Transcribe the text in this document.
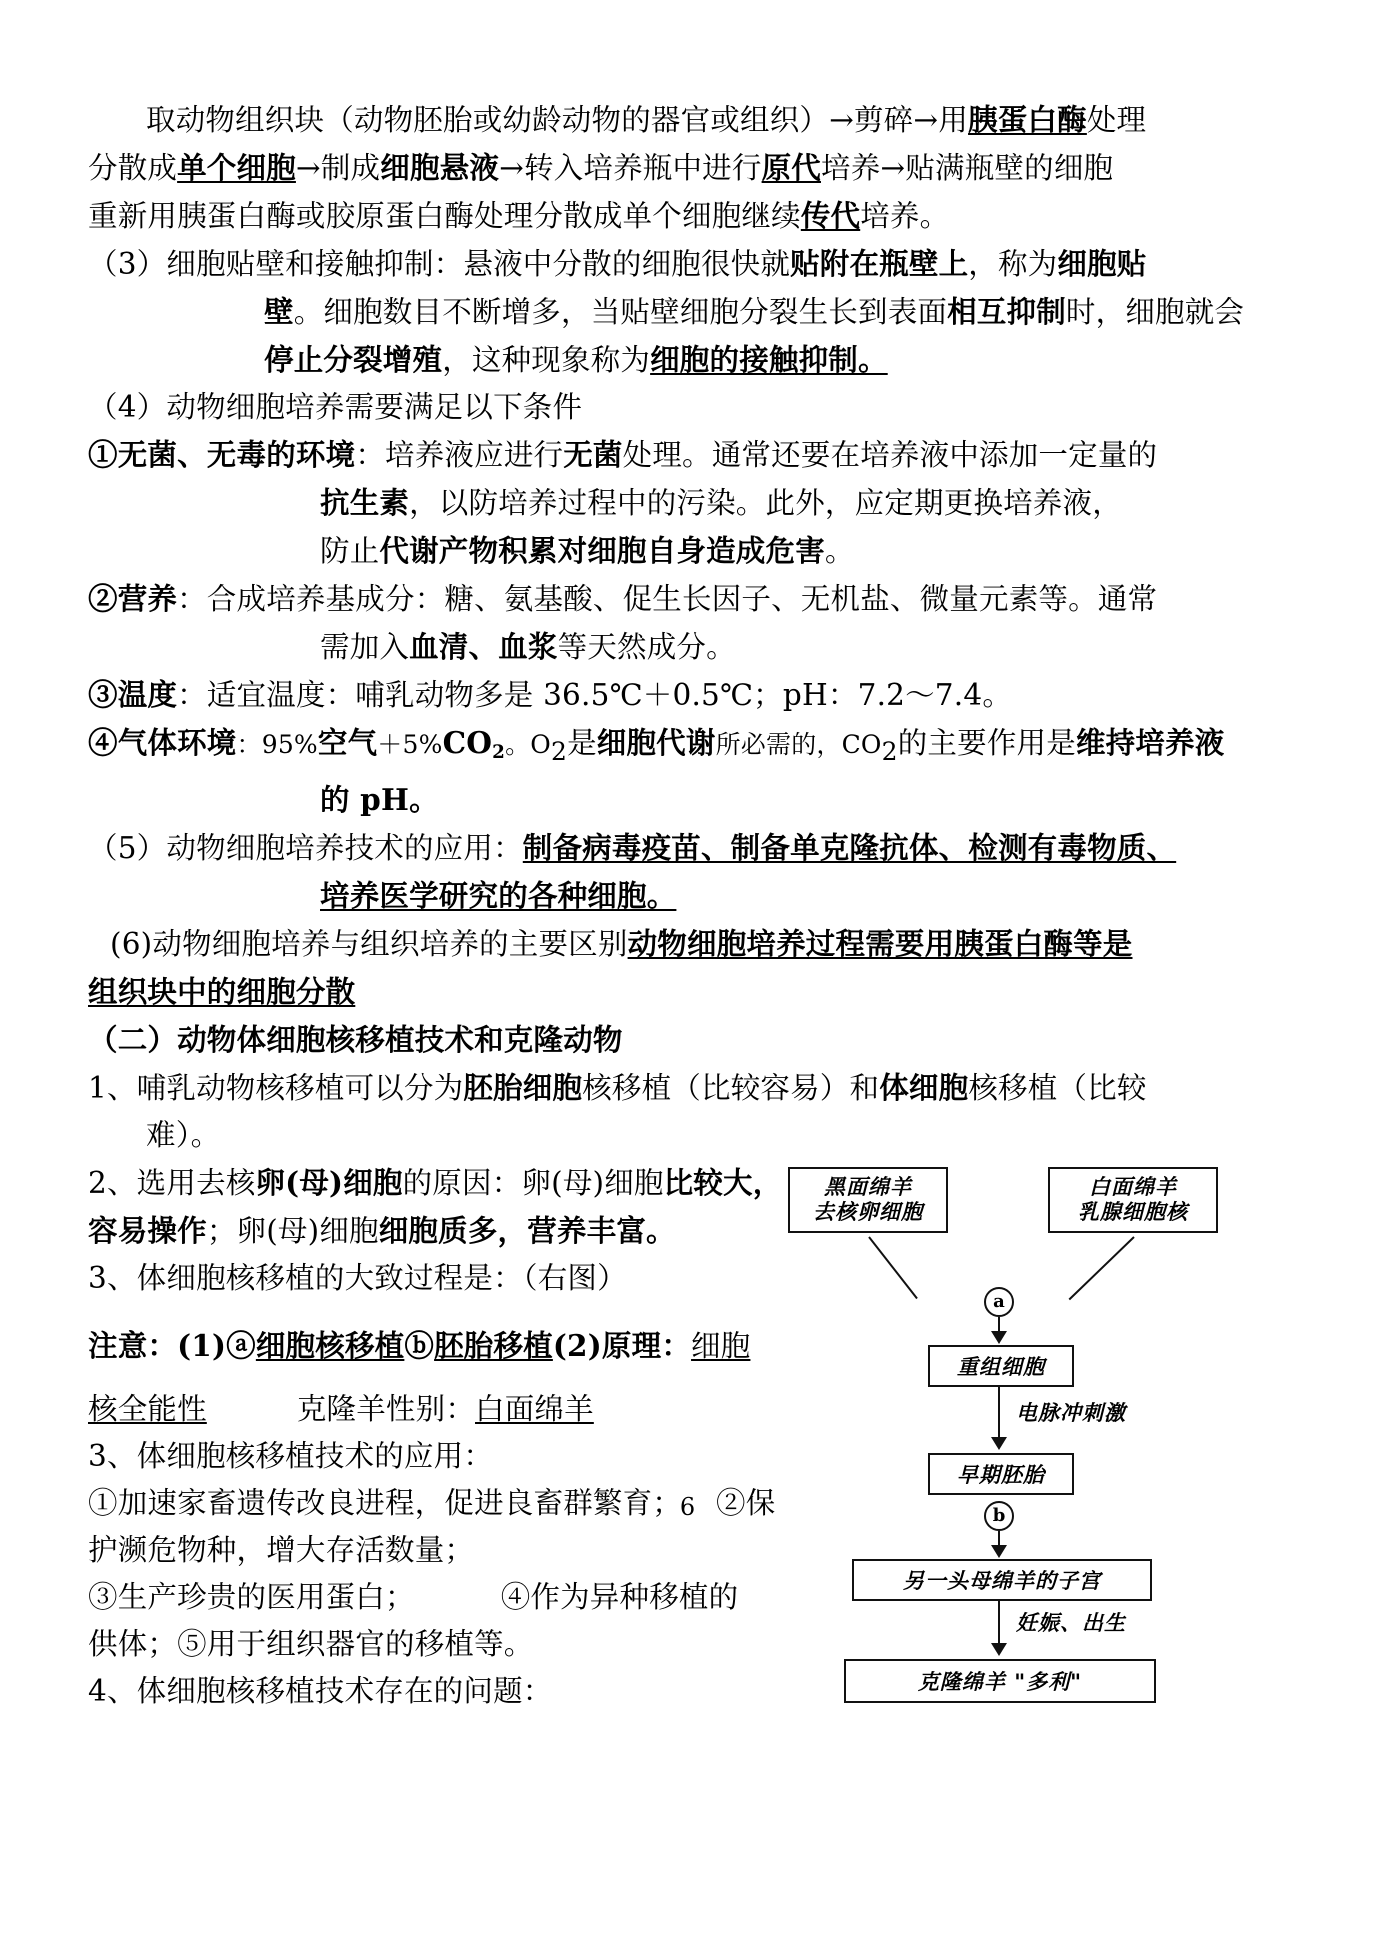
取动物组织块（动物胚胎或幼龄动物的器官或组织）→剪碎→用胰蛋白酶处理
分散成单个细胞→制成细胞悬液→转入培养瓶中进行原代培养→贴满瓶壁的细胞
重新用胰蛋白酶或胶原蛋白酶处理分散成单个细胞继续传代培养。
（3）细胞贴壁和接触抑制：悬液中分散的细胞很快就贴附在瓶壁上，称为细胞贴
壁。细胞数目不断增多，当贴壁细胞分裂生长到表面相互抑制时，细胞就会
停止分裂增殖，这种现象称为细胞的接触抑制。
（4）动物细胞培养需要满足以下条件
①无菌、无毒的环境：培养液应进行无菌处理。通常还要在培养液中添加一定量的
抗生素，以防培养过程中的污染。此外，应定期更换培养液，
防止代谢产物积累对细胞自身造成危害。
②营养：合成培养基成分：糖、氨基酸、促生长因子、无机盐、微量元素等。通常
需加入血清、血浆等天然成分。
③温度：适宜温度：哺乳动物多是 36.5℃＋0.5℃；pH：7.2～7.4。
④气体环境：95%空气$+5\%CO_2$。$O_2$是细胞代谢所必需的，$CO_2$的主要作用是维持培养液
的 pH。
（5）动物细胞培养技术的应用：制备病毒疫苗、制备单克隆抗体、检测有毒物质、
培养医学研究的各种细胞。
(6)动物细胞培养与组织培养的主要区别动物细胞培养过程需要用胰蛋白酶等是
组织块中的细胞分散
（二）动物体细胞核移植技术和克隆动物
1、哺乳动物核移植可以分为胚胎细胞核移植（比较容易）和体细胞核移植（比较
难）。
2、选用去核卵(母)细胞的原因：卵(母)细胞比较大，
容易操作；卵(母)细胞细胞质多，营养丰富。
3、体细胞核移植的大致过程是：（右图）
注意：(1)ⓐ细胞核移植ⓑ胚胎移植(2)原理：细胞
核全能性	克隆羊性别：白面绵羊
3、体细胞核移植技术的应用：
①加速家畜遗传改良进程，促进良畜群繁育； ②保
护濒危物种，增大存活数量；
③生产珍贵的医用蛋白；	④作为异种移植的
供体；⑤用于组织器官的移植等。
4、体细胞核移植技术存在的问题：
黑面绵羊
去核卵细胞
白面绵羊
乳腺细胞核
a
重组细胞
电脉冲刺激
早期胚胎
b
另一头母绵羊的子宫
妊娠、出生
克隆绵羊 "多利"
6
